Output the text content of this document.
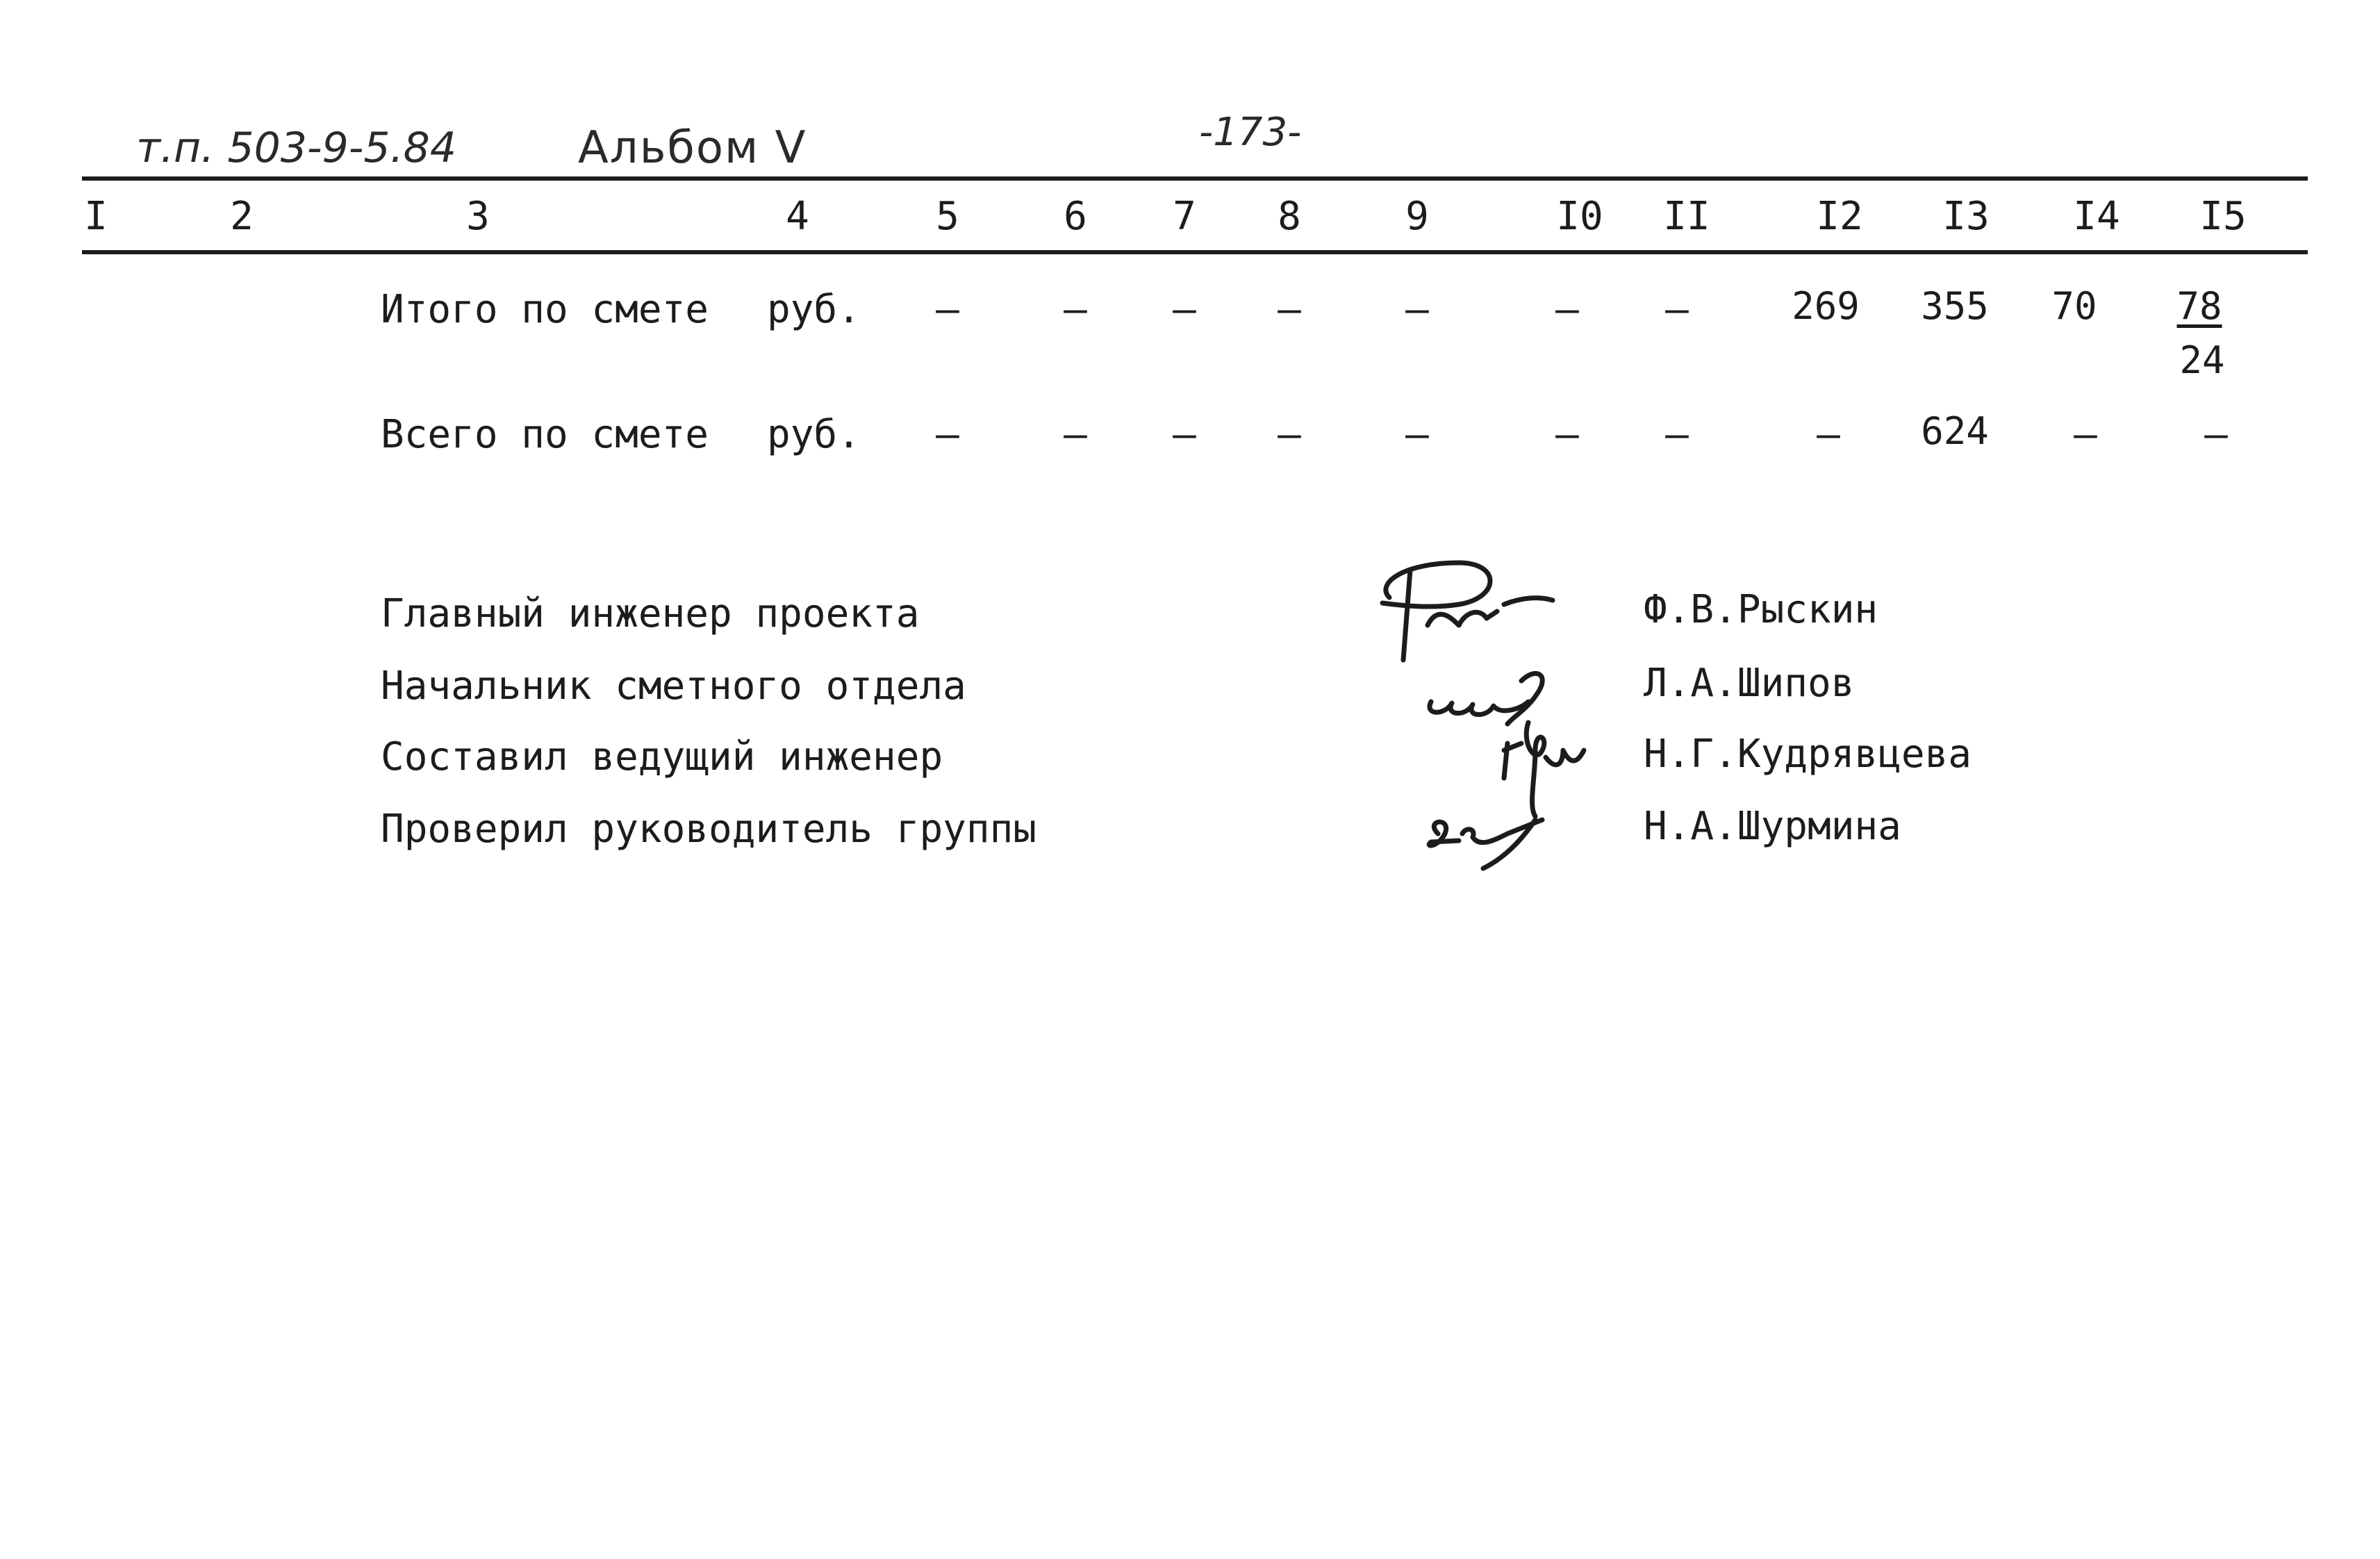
т.п. 503-9-5.84	Альбом V	-173-
I	2	3	4	5	6 7 8	9	I0 II	I2 I3 I4 I5
Итого по смете руб. –	– – –	–	– –	269 355 70 78
24
Всего по смете руб. –	– – –	–	– –	– 624 –	–
Главный инженер проекта	Ф.В.Рыскин
Начальник сметного отдела	Л.А.Шипов
Составил ведущий инженер	Н.Г.Кудрявцева
Проверил руководитель группы	Н.А.Шурмина
